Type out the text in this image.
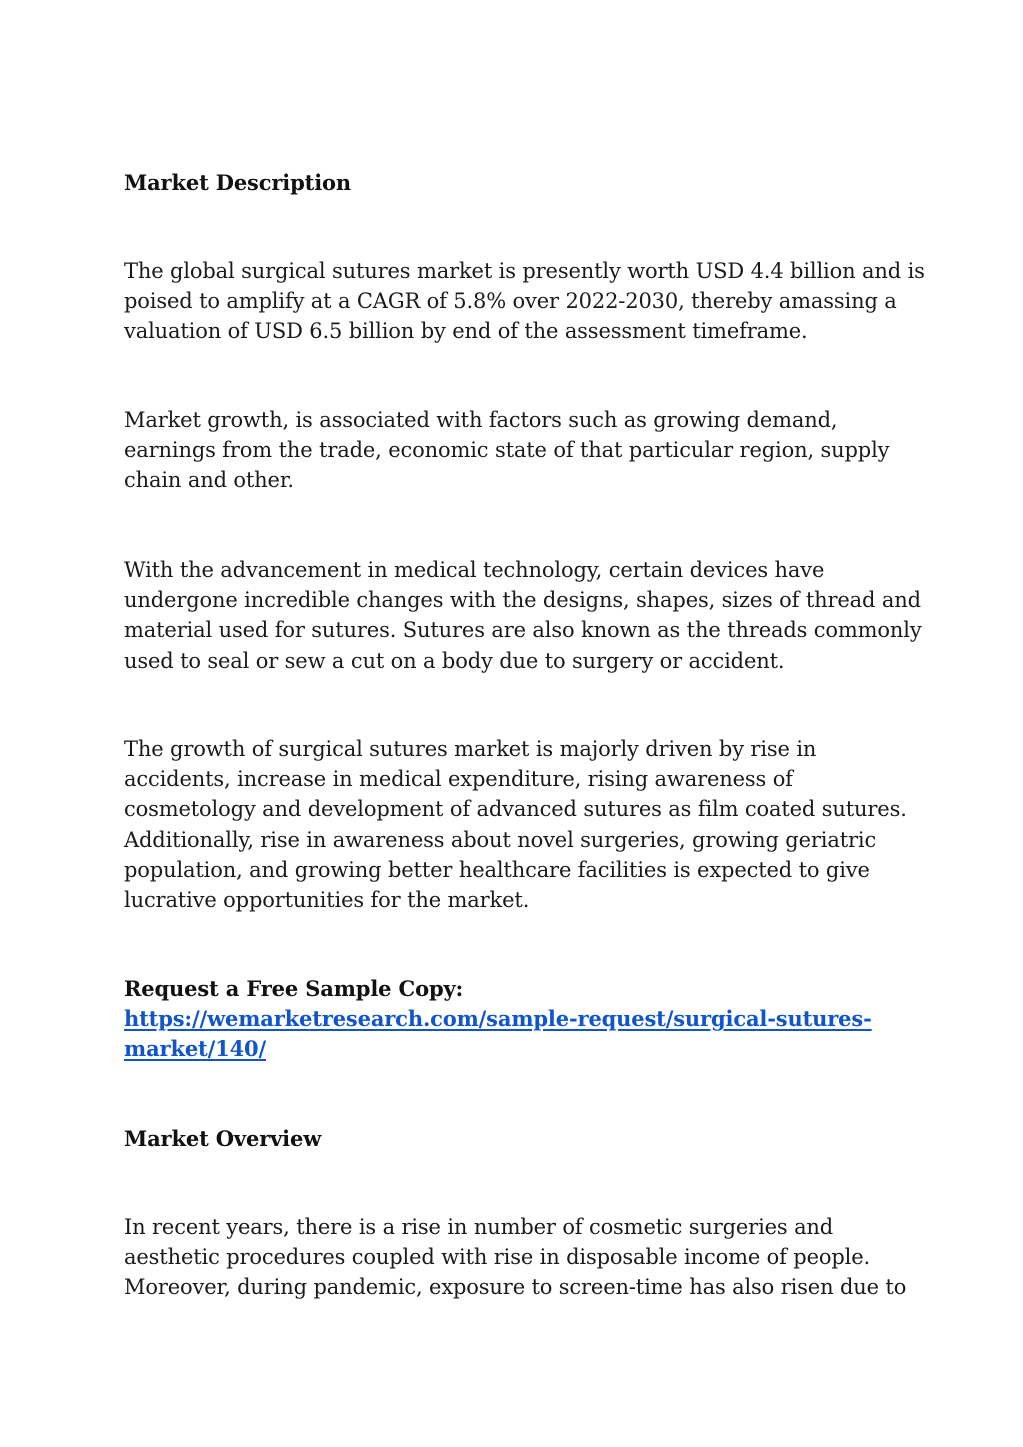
Market Description
The global surgical sutures market is presently worth USD 4.4 billion and is
poised to amplify at a CAGR of 5.8% over 2022-2030, thereby amassing a
valuation of USD 6.5 billion by end of the assessment timeframe.
Market growth, is associated with factors such as growing demand,
earnings from the trade, economic state of that particular region, supply
chain and other.
With the advancement in medical technology, certain devices have
undergone incredible changes with the designs, shapes, sizes of thread and
material used for sutures. Sutures are also known as the threads commonly
used to seal or sew a cut on a body due to surgery or accident.
The growth of surgical sutures market is majorly driven by rise in
accidents, increase in medical expenditure, rising awareness of
cosmetology and development of advanced sutures as film coated sutures.
Additionally, rise in awareness about novel surgeries, growing geriatric
population, and growing better healthcare facilities is expected to give
lucrative opportunities for the market.
Request a Free Sample Copy:
https://wemarketresearch.com/sample-request/surgical-sutures-
market/140/
Market Overview
In recent years, there is a rise in number of cosmetic surgeries and
aesthetic procedures coupled with rise in disposable income of people.
Moreover, during pandemic, exposure to screen-time has also risen due to
